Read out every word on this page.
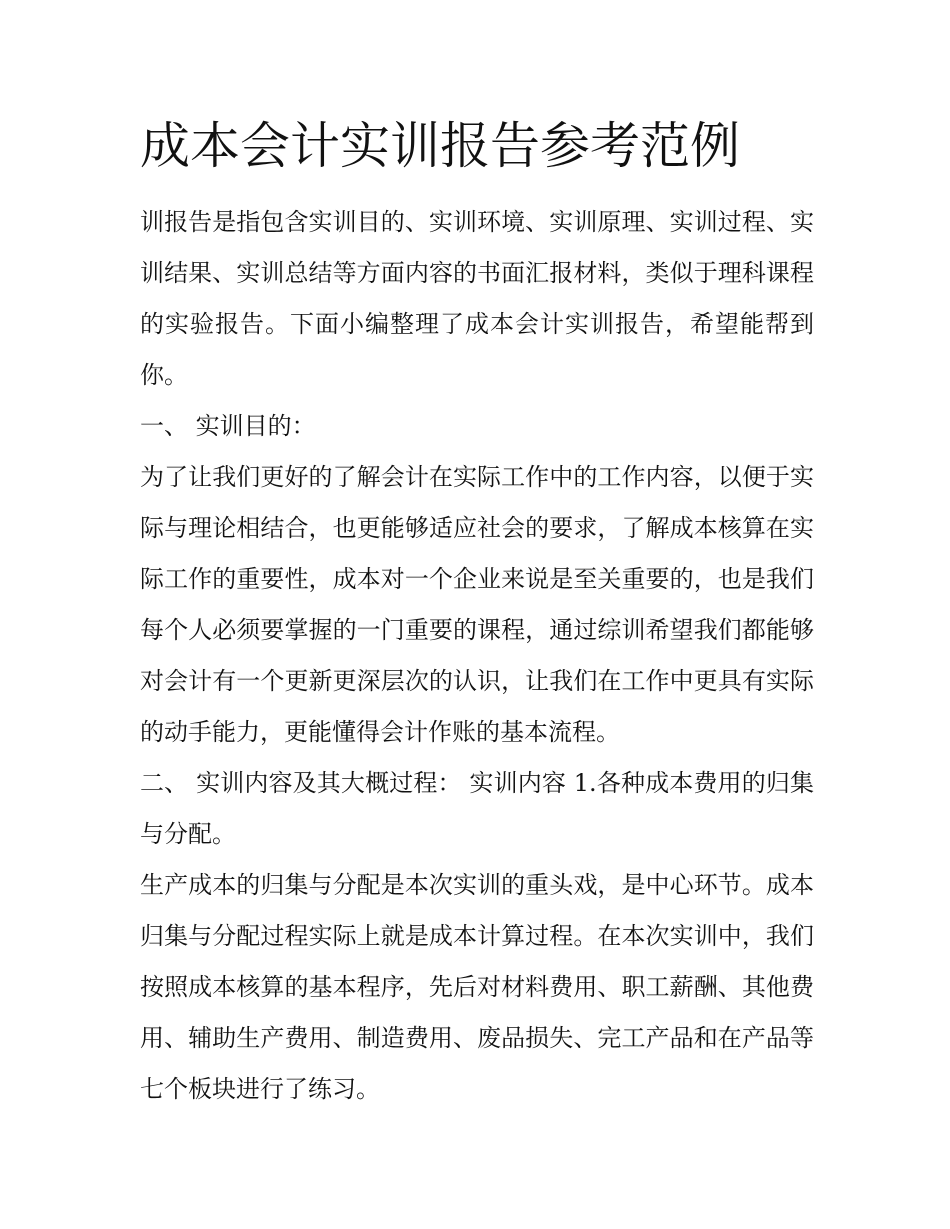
成本会计实训报告参考范例

训报告是指包含实训目的、实训环境、实训原理、实训过程、实训结果、实训总结等方面内容的书面汇报材料，类似于理科课程的实验报告。下面小编整理了成本会计实训报告，希望能帮到你。

一、 实训目的：

为了让我们更好的了解会计在实际工作中的工作内容，以便于实际与理论相结合，也更能够适应社会的要求，了解成本核算在实际工作的重要性，成本对一个企业来说是至关重要的，也是我们每个人必须要掌握的一门重要的课程，通过综训希望我们都能够对会计有一个更新更深层次的认识，让我们在工作中更具有实际的动手能力，更能懂得会计作账的基本流程。

二、 实训内容及其大概过程： 实训内容 1.各种成本费用的归集与分配。

生产成本的归集与分配是本次实训的重头戏，是中心环节。成本归集与分配过程实际上就是成本计算过程。在本次实训中，我们按照成本核算的基本程序，先后对材料费用、职工薪酬、其他费用、辅助生产费用、制造费用、废品损失、完工产品和在产品等七个板块进行了练习。
